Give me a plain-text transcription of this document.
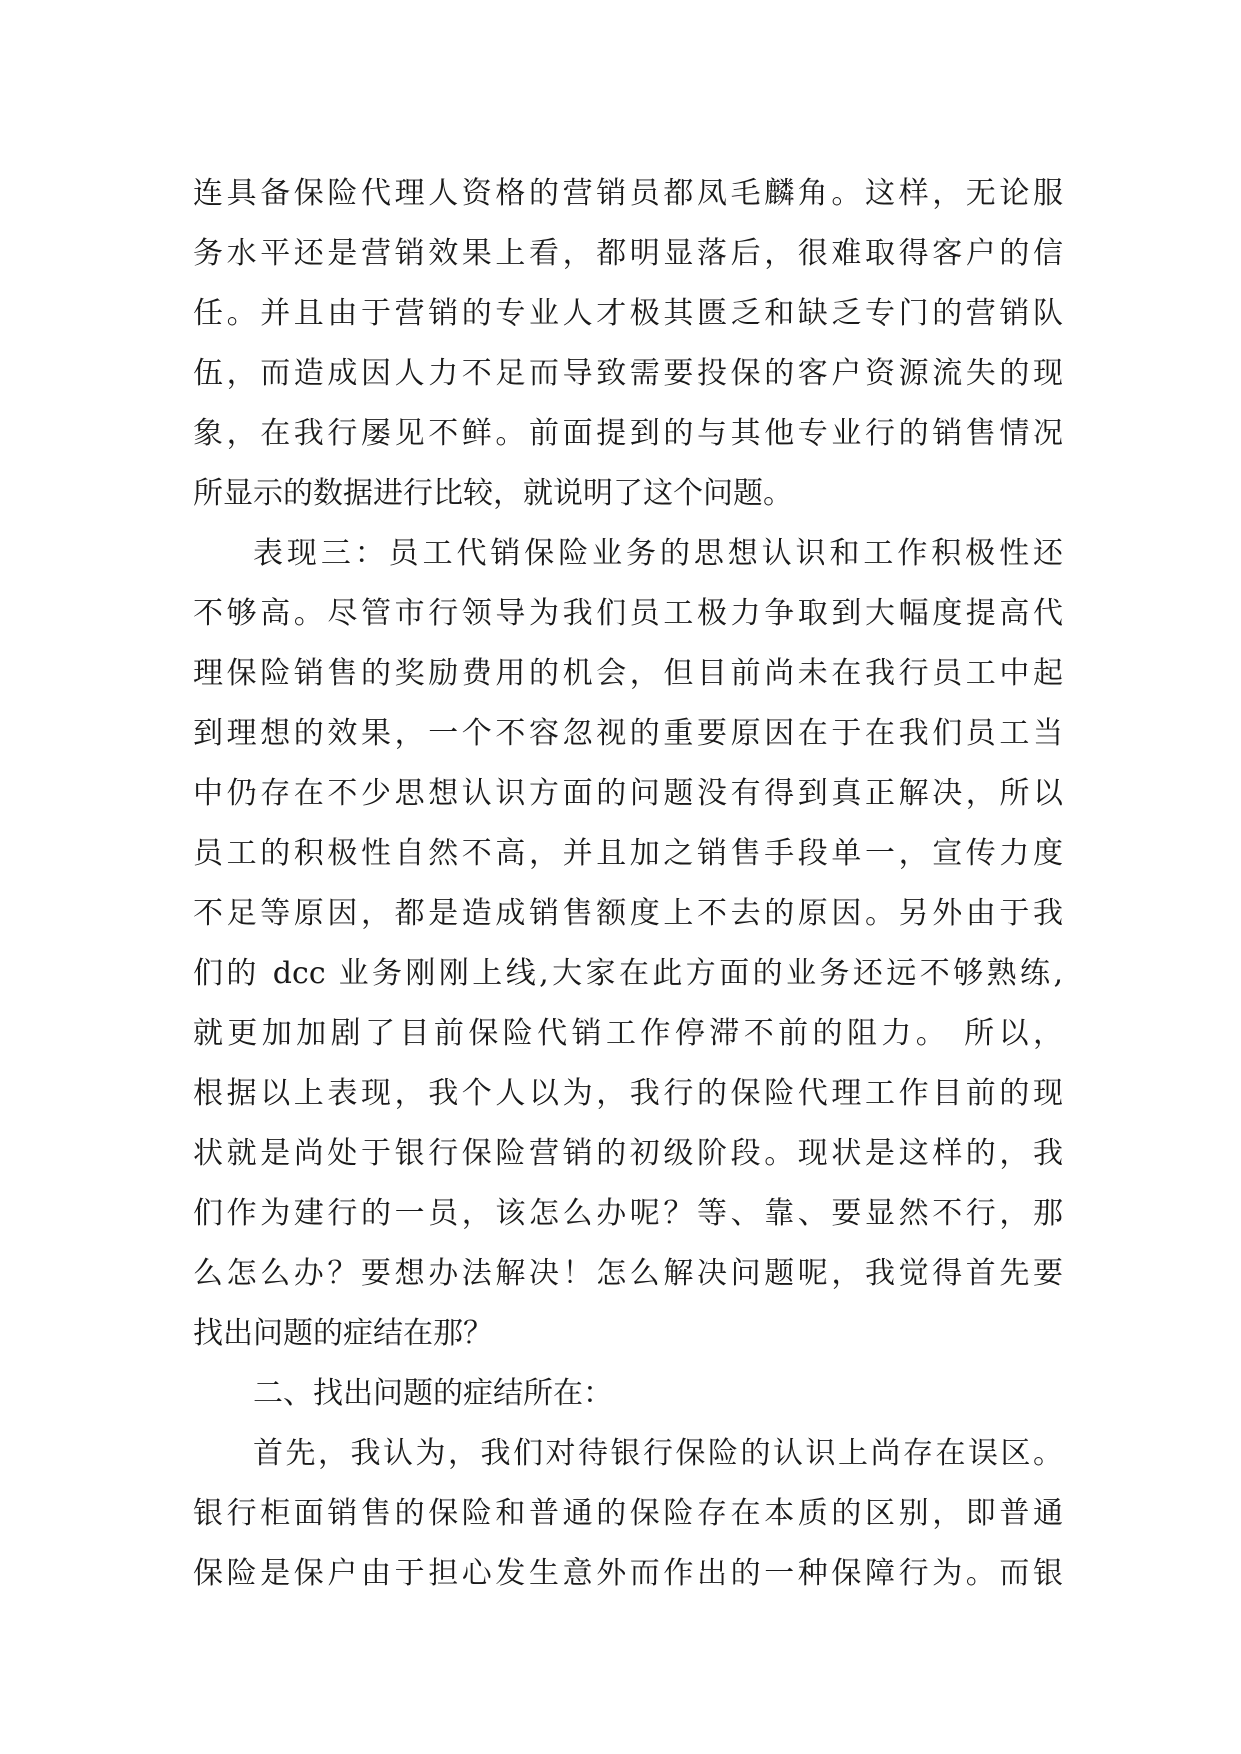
连具备保险代理人资格的营销员都凤毛麟角。这样，无论服
务水平还是营销效果上看，都明显落后，很难取得客户的信
任。并且由于营销的专业人才极其匮乏和缺乏专门的营销队
伍，而造成因人力不足而导致需要投保的客户资源流失的现
象，在我行屡见不鲜。前面提到的与其他专业行的销售情况
所显示的数据进行比较，就说明了这个问题。
表现三：员工代销保险业务的思想认识和工作积极性还
不够高。尽管市行领导为我们员工极力争取到大幅度提高代
理保险销售的奖励费用的机会，但目前尚未在我行员工中起
到理想的效果，一个不容忽视的重要原因在于在我们员工当
中仍存在不少思想认识方面的问题没有得到真正解决，所以
员工的积极性自然不高，并且加之销售手段单一，宣传力度
不足等原因，都是造成销售额度上不去的原因。另外由于我
们的 dcc 业务刚刚上线,大家在此方面的业务还远不够熟练,
就更加加剧了目前保险代销工作停滞不前的阻力。 所以，
根据以上表现，我个人以为，我行的保险代理工作目前的现
状就是尚处于银行保险营销的初级阶段。现状是这样的，我
们作为建行的一员，该怎么办呢？等、靠、要显然不行，那
么怎么办？要想办法解决！怎么解决问题呢，我觉得首先要
找出问题的症结在那？
二、找出问题的症结所在：
首先，我认为，我们对待银行保险的认识上尚存在误区。
银行柜面销售的保险和普通的保险存在本质的区别，即普通
保险是保户由于担心发生意外而作出的一种保障行为。而银
